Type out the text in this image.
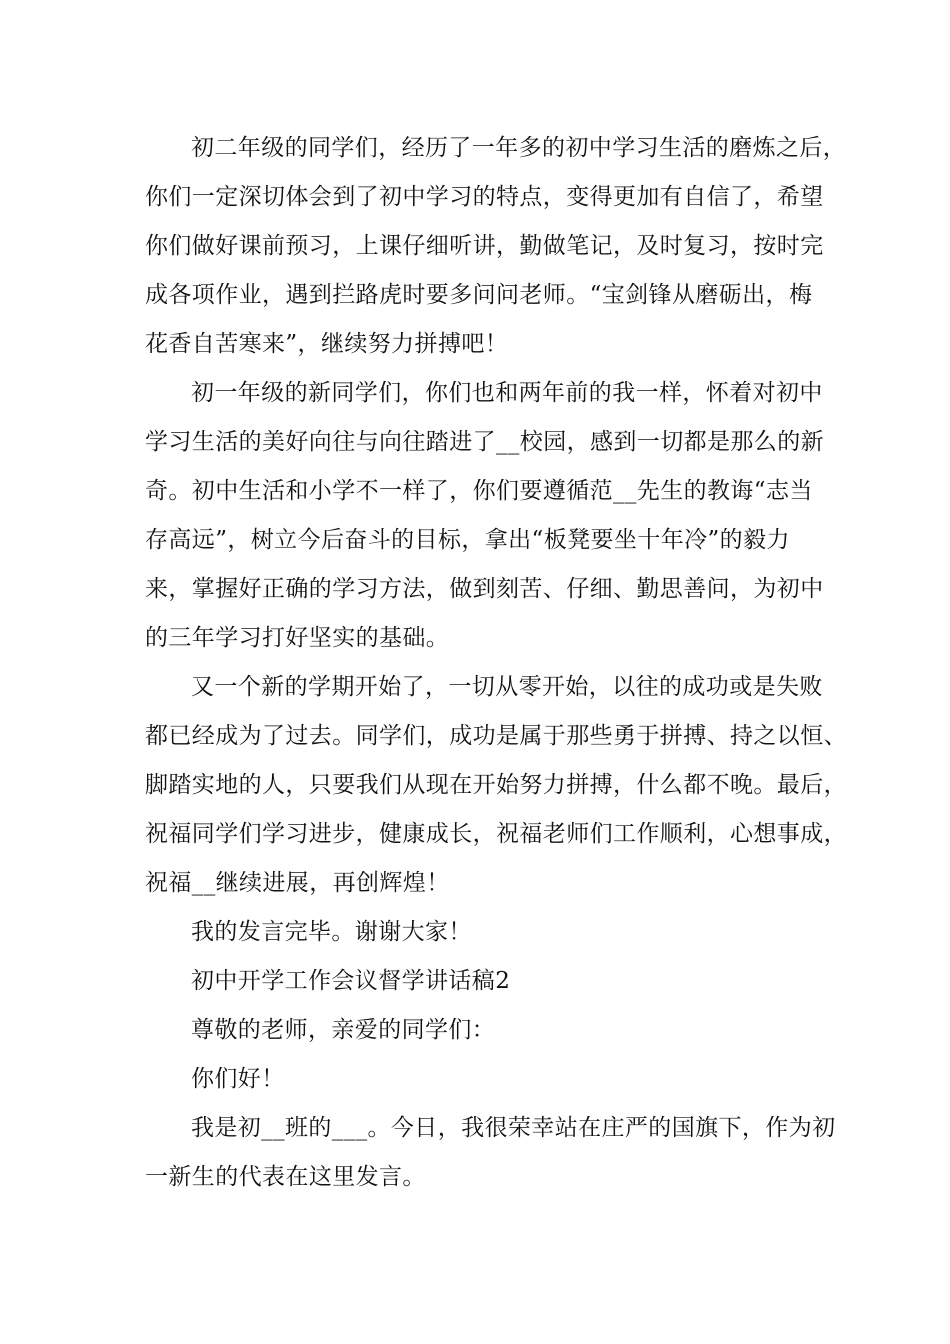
初二年级的同学们，经历了一年多的初中学习生活的磨炼之后，
你们一定深切体会到了初中学习的特点，变得更加有自信了，希望
你们做好课前预习，上课仔细听讲，勤做笔记，及时复习，按时完
成各项作业，遇到拦路虎时要多问问老师。“宝剑锋从磨砺出，梅
花香自苦寒来”，继续努力拼搏吧！
初一年级的新同学们，你们也和两年前的我一样，怀着对初中
学习生活的美好向往与向往踏进了__校园，感到一切都是那么的新
奇。初中生活和小学不一样了，你们要遵循范__先生的教诲“志当
存高远”，树立今后奋斗的目标，拿出“板凳要坐十年冷”的毅力
来，掌握好正确的学习方法，做到刻苦、仔细、勤思善问，为初中
的三年学习打好坚实的基础。
又一个新的学期开始了，一切从零开始，以往的成功或是失败
都已经成为了过去。同学们，成功是属于那些勇于拼搏、持之以恒、
脚踏实地的人，只要我们从现在开始努力拼搏，什么都不晚。最后，
祝福同学们学习进步，健康成长，祝福老师们工作顺利，心想事成，
祝福__继续进展，再创辉煌！
我的发言完毕。谢谢大家！
初中开学工作会议督学讲话稿2
尊敬的老师，亲爱的同学们：
你们好！
我是初__班的___。今日，我很荣幸站在庄严的国旗下，作为初
一新生的代表在这里发言。
